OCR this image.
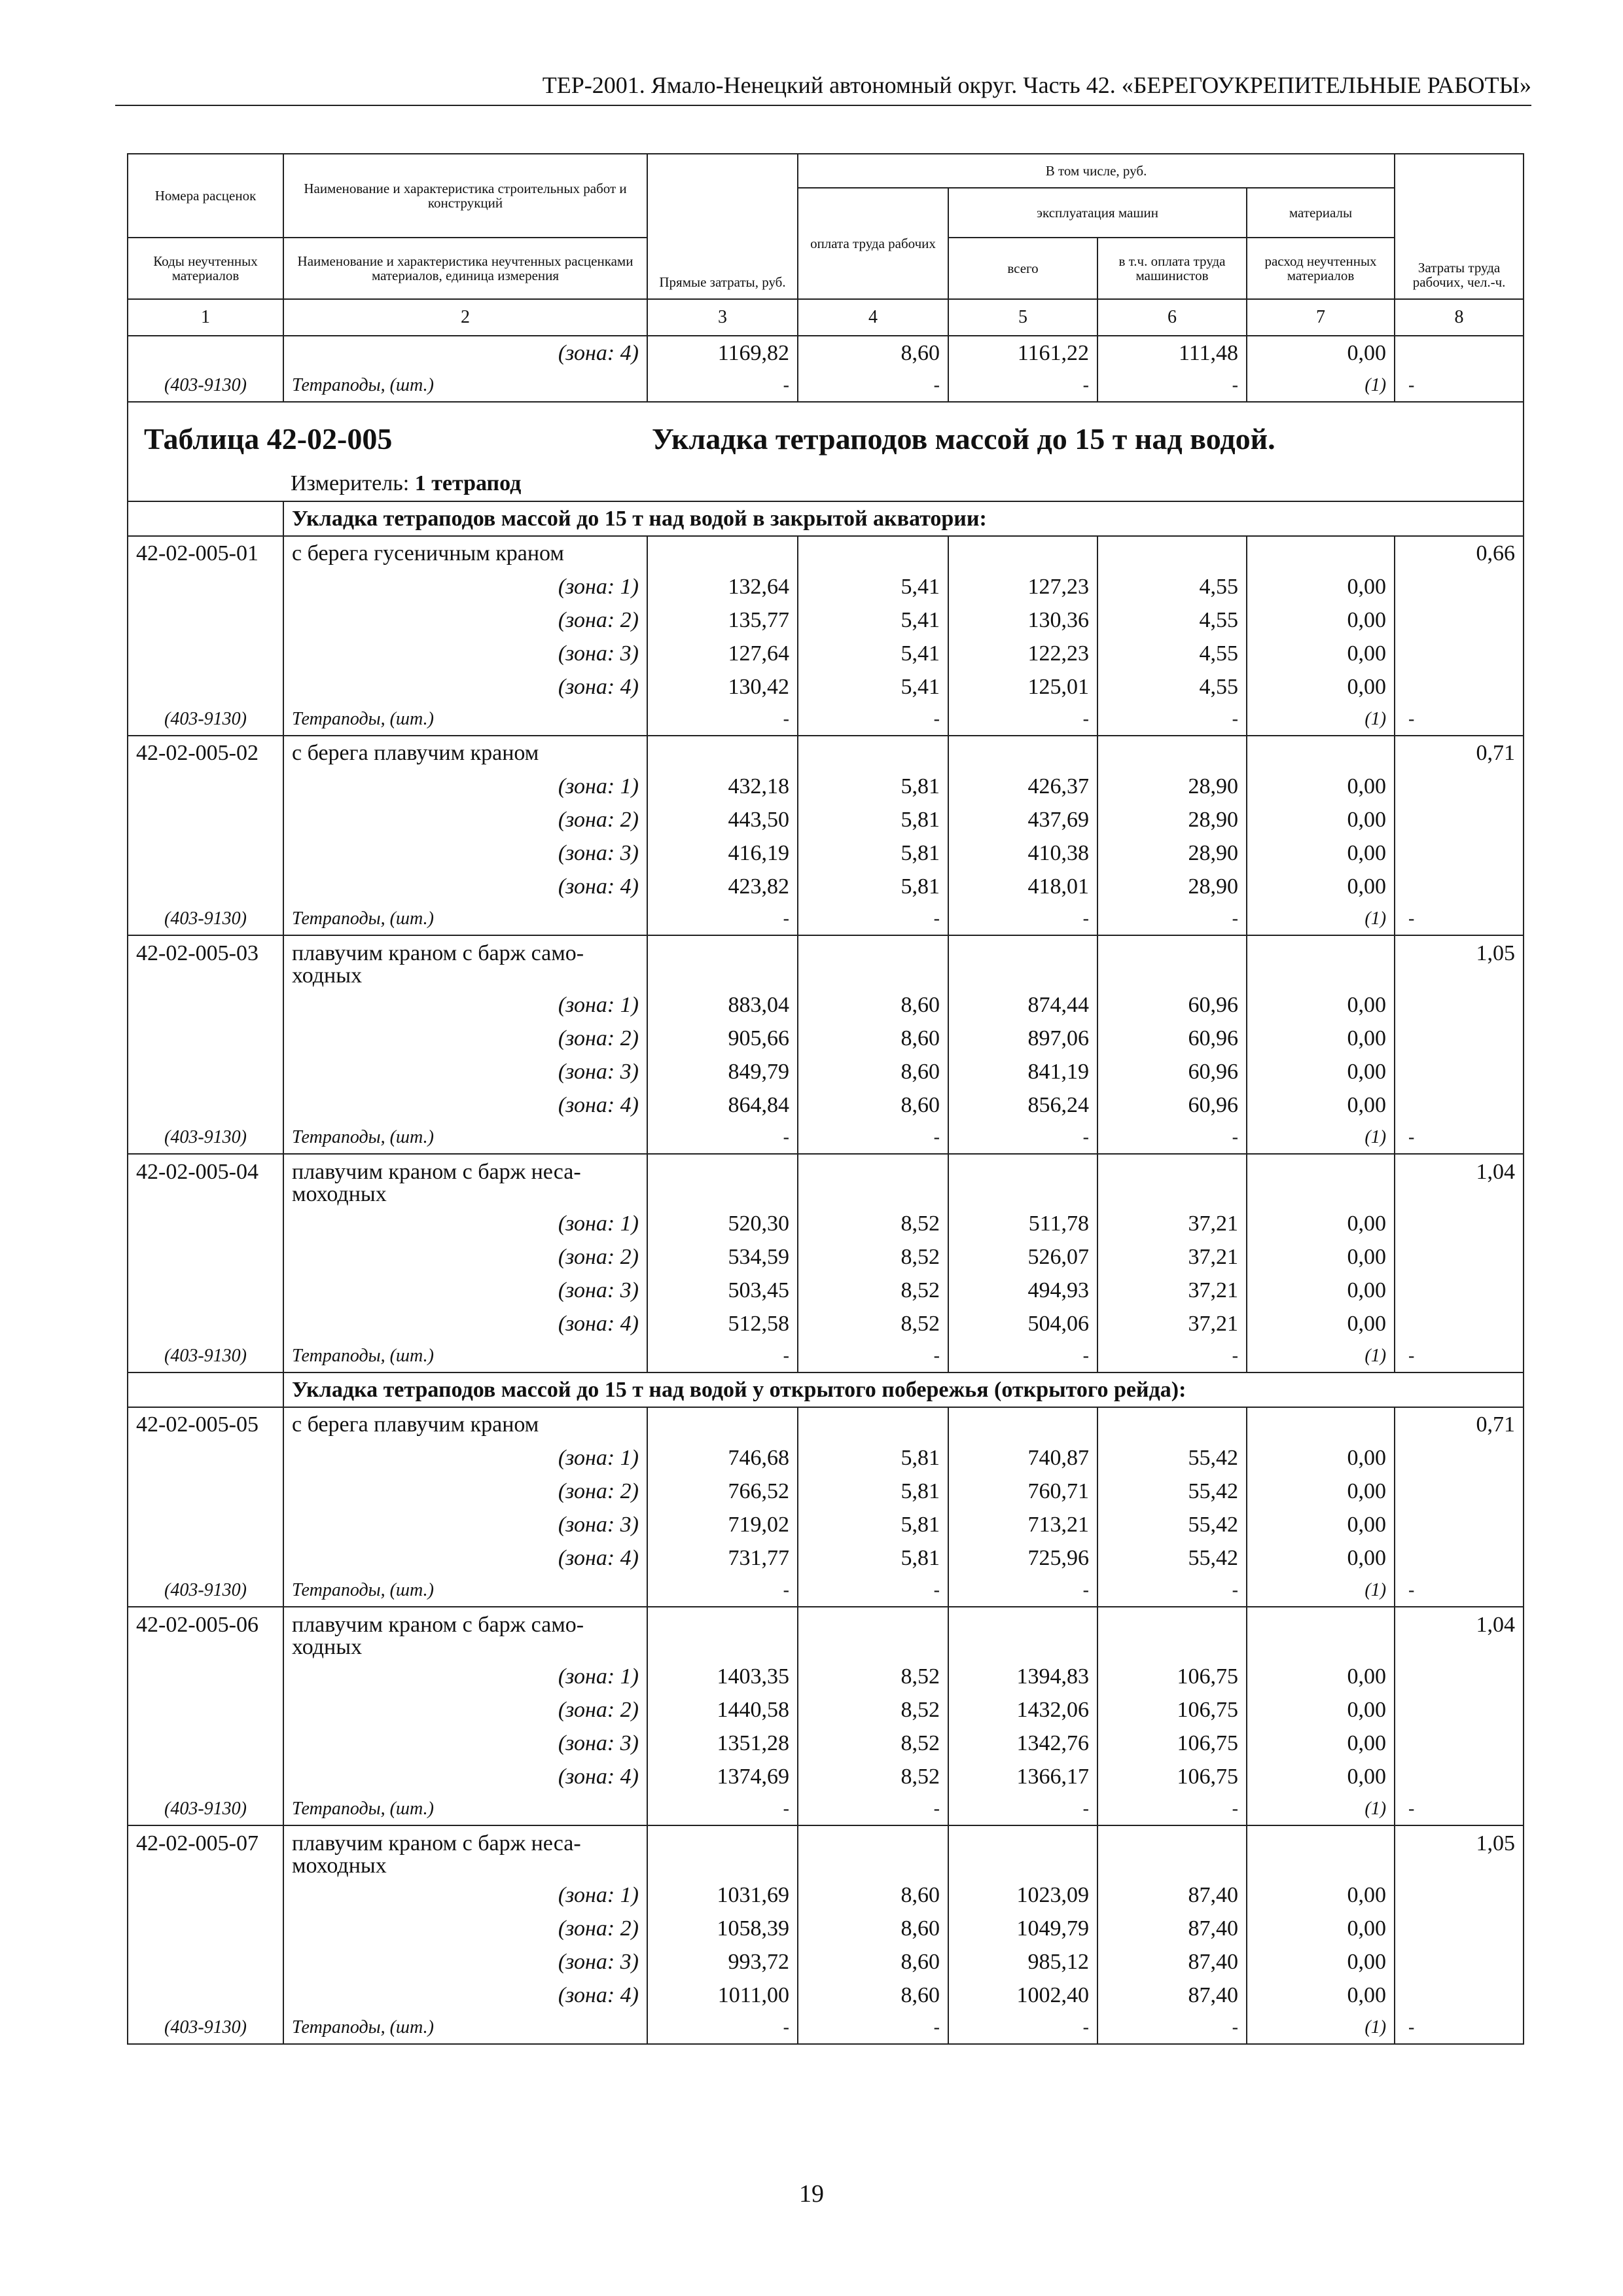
ТЕР-2001. Ямало-Ненецкий автономный округ. Часть 42. «БЕРЕГОУКРЕПИТЕЛЬНЫЕ РАБОТЫ»
Номера расценок	Наименование и характеристика строительных работ и конструкций	Прямые затраты, руб.	В том числе, руб.				Затраты труда рабочих, чел.-ч.
			оплата труда рабочих	эксплуатация машин		материалы	
Коды неучтенных материалов	Наименование и характеристика неучтенных расценками материалов, единица измерения			всего	в т.ч. оплата труда машинистов	расход неучтенных материалов	
1	2	3	4	5	6	7	8
	(зона: 4)	1169,82	8,60	1161,22	111,48	0,00	
(403-9130)	Тетраподы, (шт.)	-	-	-	-	(1)	-

Таблица 42-02-005 Укладка тетраподов массой до 15 т над водой.
Измеритель: 1 тетрапод							

	Укладка тетраподов массой до 15 т над водой в закрытой акватории:						
42-02-005-01	с берега гусеничным краном						0,66
	(зона: 1)	132,64	5,41	127,23	4,55	0,00	
	(зона: 2)	135,77	5,41	130,36	4,55	0,00	
	(зона: 3)	127,64	5,41	122,23	4,55	0,00	
	(зона: 4)	130,42	5,41	125,01	4,55	0,00	
(403-9130)	Тетраподы, (шт.)	-	-	-	-	(1)	-
42-02-005-02	с берега плавучим краном						0,71
	(зона: 1)	432,18	5,81	426,37	28,90	0,00	
	(зона: 2)	443,50	5,81	437,69	28,90	0,00	
	(зона: 3)	416,19	5,81	410,38	28,90	0,00	
	(зона: 4)	423,82	5,81	418,01	28,90	0,00	
(403-9130)	Тетраподы, (шт.)	-	-	-	-	(1)	-
42-02-005-03	плавучим краном с барж само-ходных						1,05
	(зона: 1)	883,04	8,60	874,44	60,96	0,00	
	(зона: 2)	905,66	8,60	897,06	60,96	0,00	
	(зона: 3)	849,79	8,60	841,19	60,96	0,00	
	(зона: 4)	864,84	8,60	856,24	60,96	0,00	
(403-9130)	Тетраподы, (шт.)	-	-	-	-	(1)	-
42-02-005-04	плавучим краном с барж неса-моходных						1,04
	(зона: 1)	520,30	8,52	511,78	37,21	0,00	
	(зона: 2)	534,59	8,52	526,07	37,21	0,00	
	(зона: 3)	503,45	8,52	494,93	37,21	0,00	
	(зона: 4)	512,58	8,52	504,06	37,21	0,00	
(403-9130)	Тетраподы, (шт.)	-	-	-	-	(1)	-
	Укладка тетраподов массой до 15 т над водой у открытого побережья (открытого рейда):						
42-02-005-05	с берега плавучим краном						0,71
	(зона: 1)	746,68	5,81	740,87	55,42	0,00	
	(зона: 2)	766,52	5,81	760,71	55,42	0,00	
	(зона: 3)	719,02	5,81	713,21	55,42	0,00	
	(зона: 4)	731,77	5,81	725,96	55,42	0,00	
(403-9130)	Тетраподы, (шт.)	-	-	-	-	(1)	-
42-02-005-06	плавучим краном с барж само-ходных						1,04
	(зона: 1)	1403,35	8,52	1394,83	106,75	0,00	
	(зона: 2)	1440,58	8,52	1432,06	106,75	0,00	
	(зона: 3)	1351,28	8,52	1342,76	106,75	0,00	
	(зона: 4)	1374,69	8,52	1366,17	106,75	0,00	
(403-9130)	Тетраподы, (шт.)	-	-	-	-	(1)	-
42-02-005-07	плавучим краном с барж неса-моходных						1,05
	(зона: 1)	1031,69	8,60	1023,09	87,40	0,00	
	(зона: 2)	1058,39	8,60	1049,79	87,40	0,00	
	(зона: 3)	993,72	8,60	985,12	87,40	0,00	
	(зона: 4)	1011,00	8,60	1002,40	87,40	0,00	
(403-9130)	Тетраподы, (шт.)	-	-	-	-	(1)	-
19
